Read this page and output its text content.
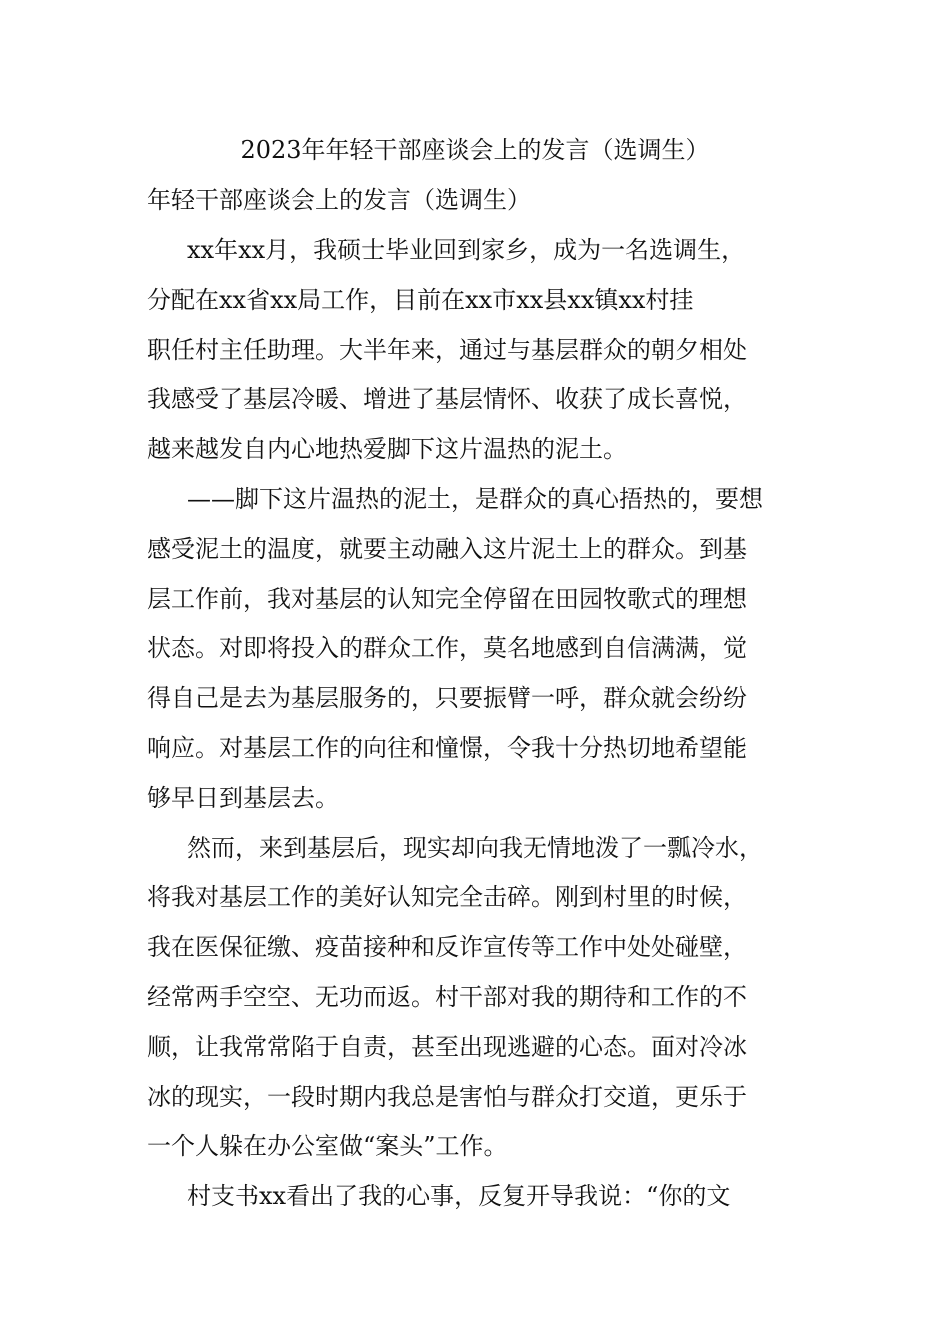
2023年年轻干部座谈会上的发言（选调生）
年轻干部座谈会上的发言（选调生）
xx年xx月，我硕士毕业回到家乡，成为一名选调生，
分配在xx省xx局工作，目前在xx市xx县xx镇xx村挂
职任村主任助理。大半年来，通过与基层群众的朝夕相处
我感受了基层冷暖、增进了基层情怀、收获了成长喜悦，
越来越发自内心地热爱脚下这片温热的泥土。
——脚下这片温热的泥土，是群众的真心捂热的，要想
感受泥土的温度，就要主动融入这片泥土上的群众。到基
层工作前，我对基层的认知完全停留在田园牧歌式的理想
状态。对即将投入的群众工作，莫名地感到自信满满，觉
得自己是去为基层服务的，只要振臂一呼，群众就会纷纷
响应。对基层工作的向往和憧憬，令我十分热切地希望能
够早日到基层去。
然而，来到基层后，现实却向我无情地泼了一瓢冷水，
将我对基层工作的美好认知完全击碎。刚到村里的时候，
我在医保征缴、疫苗接种和反诈宣传等工作中处处碰壁，
经常两手空空、无功而返。村干部对我的期待和工作的不
顺，让我常常陷于自责，甚至出现逃避的心态。面对冷冰
冰的现实，一段时期内我总是害怕与群众打交道，更乐于
一个人躲在办公室做“案头”工作。
村支书xx看出了我的心事，反复开导我说：“你的文
